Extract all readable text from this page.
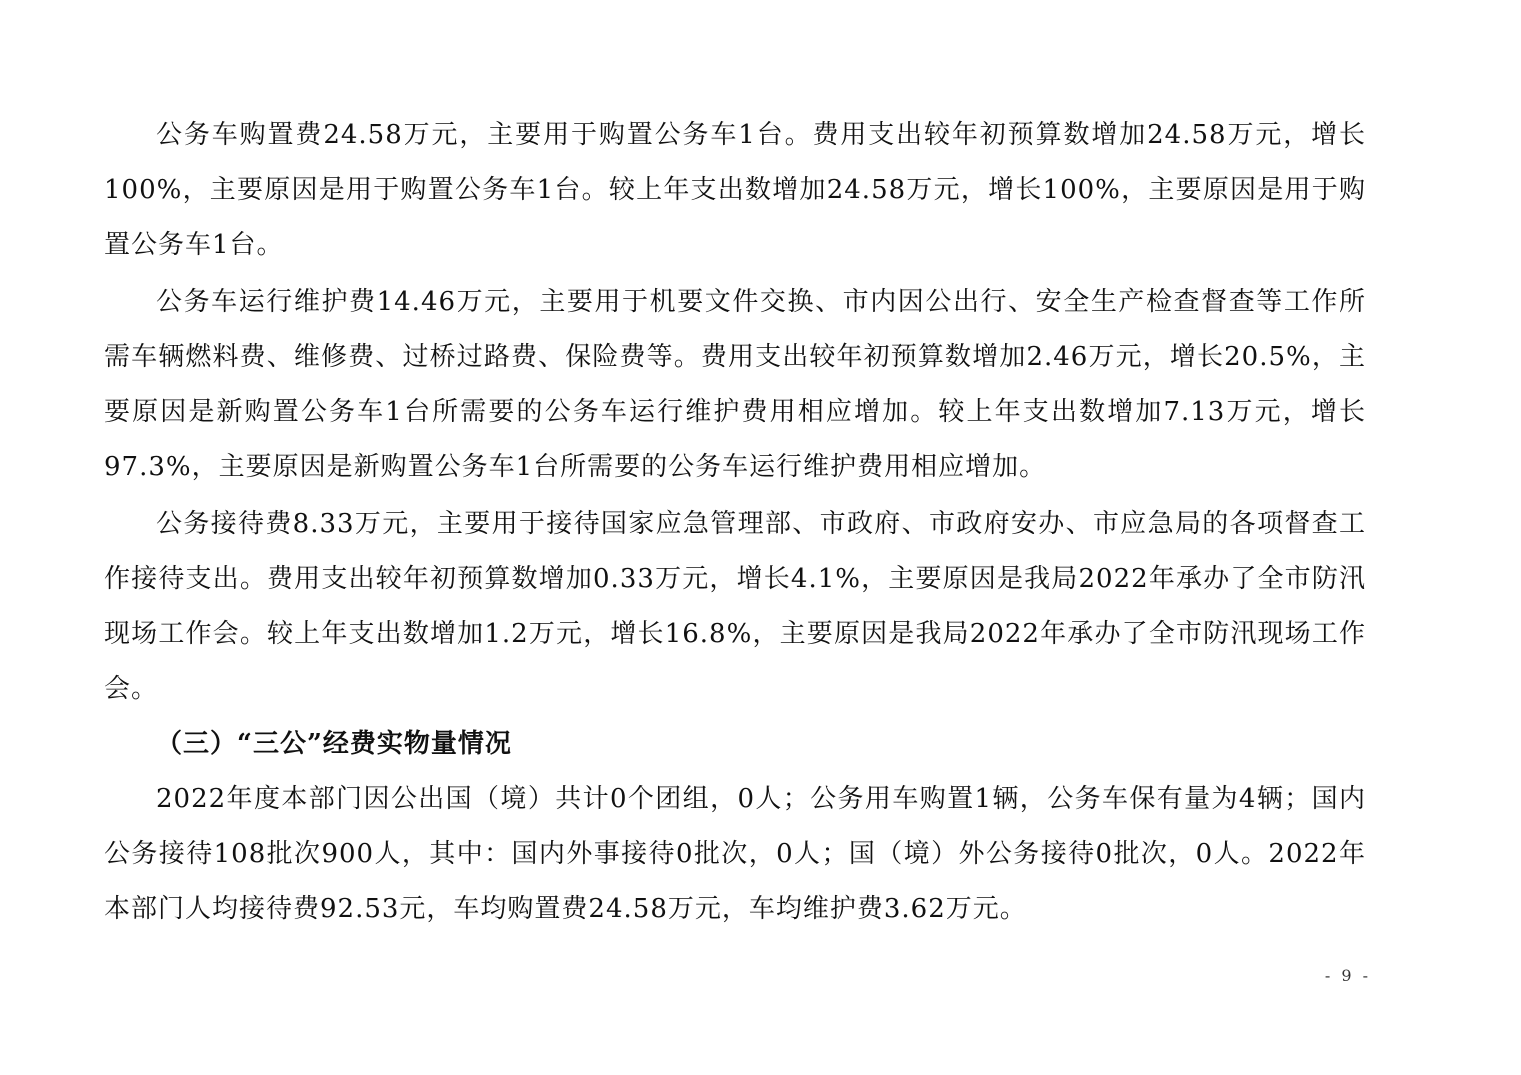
公务车购置费24.58万元，主要用于购置公务车1台。费用支出较年初预算数增加24.58万元，增长100%，主要原因是用于购置公务车1台。较上年支出数增加24.58万元，增长100%，主要原因是用于购置公务车1台。

公务车运行维护费14.46万元，主要用于机要文件交换、市内因公出行、安全生产检查督查等工作所需车辆燃料费、维修费、过桥过路费、保险费等。费用支出较年初预算数增加2.46万元，增长20.5%，主要原因是新购置公务车1台所需要的公务车运行维护费用相应增加。较上年支出数增加7.13万元，增长97.3%，主要原因是新购置公务车1台所需要的公务车运行维护费用相应增加。

公务接待费8.33万元，主要用于接待国家应急管理部、市政府、市政府安办、市应急局的各项督查工作接待支出。费用支出较年初预算数增加0.33万元，增长4.1%，主要原因是我局2022年承办了全市防汛现场工作会。较上年支出数增加1.2万元，增长16.8%，主要原因是我局2022年承办了全市防汛现场工作会。

（三）“三公”经费实物量情况

2022年度本部门因公出国（境）共计0个团组，0人；公务用车购置1辆，公务车保有量为4辆；国内公务接待108批次900人，其中：国内外事接待0批次，0人；国（境）外公务接待0批次，0人。2022年本部门人均接待费92.53元，车均购置费24.58万元，车均维护费3.62万元。

- 9 -
